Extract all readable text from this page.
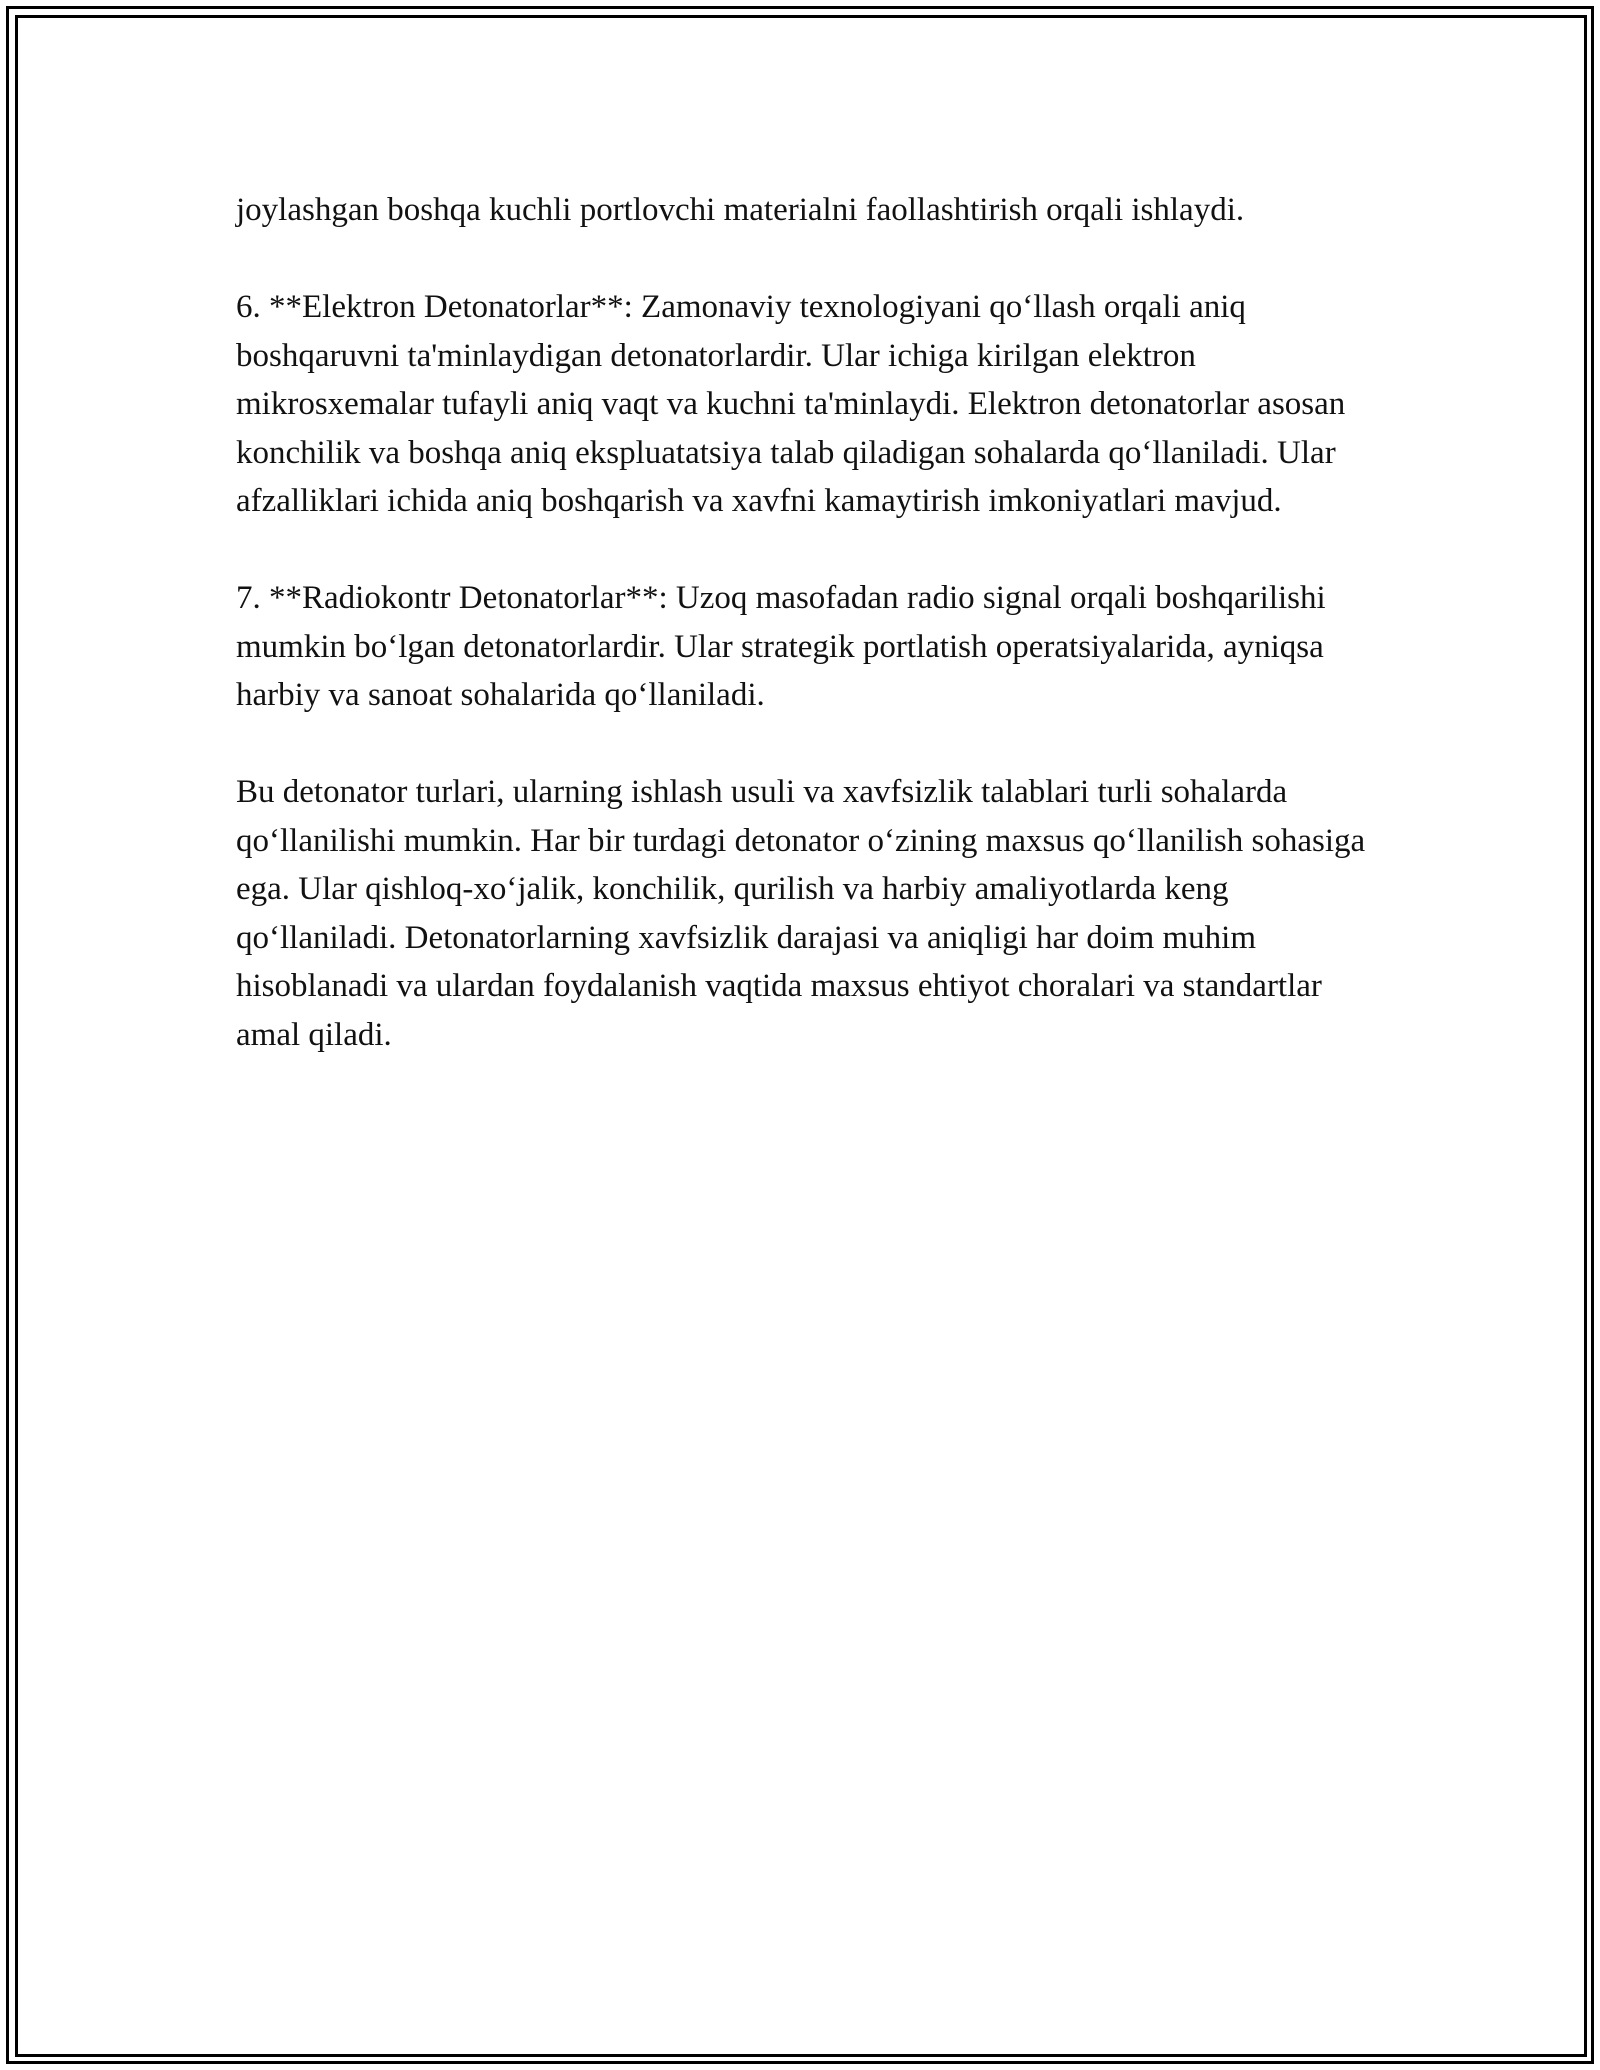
joylashgan boshqa kuchli portlovchi materialni faollashtirish orqali ishlaydi.

6. **Elektron Detonatorlar**: Zamonaviy texnologiyani qo‘llash orqali aniq boshqaruvni ta'minlaydigan detonatorlardir. Ular ichiga kirilgan elektron mikrosxemalar tufayli aniq vaqt va kuchni ta'minlaydi. Elektron detonatorlar asosan konchilik va boshqa aniq ekspluatatsiya talab qiladigan sohalarda qo‘llaniladi. Ular afzalliklari ichida aniq boshqarish va xavfni kamaytirish imkoniyatlari mavjud.

7. **Radiokontr Detonatorlar**: Uzoq masofadan radio signal orqali boshqarilishi mumkin bo‘lgan detonatorlardir. Ular strategik portlatish operatsiyalarida, ayniqsa harbiy va sanoat sohalarida qo‘llaniladi.

Bu detonator turlari, ularning ishlash usuli va xavfsizlik talablari turli sohalarda qo‘llanilishi mumkin. Har bir turdagi detonator o‘zining maxsus qo‘llanilish sohasiga ega. Ular qishloq-xo‘jalik, konchilik, qurilish va harbiy amaliyotlarda keng qo‘llaniladi. Detonatorlarning xavfsizlik darajasi va aniqligi har doim muhim hisoblanadi va ulardan foydalanish vaqtida maxsus ehtiyot choralari va standartlar amal qiladi.
